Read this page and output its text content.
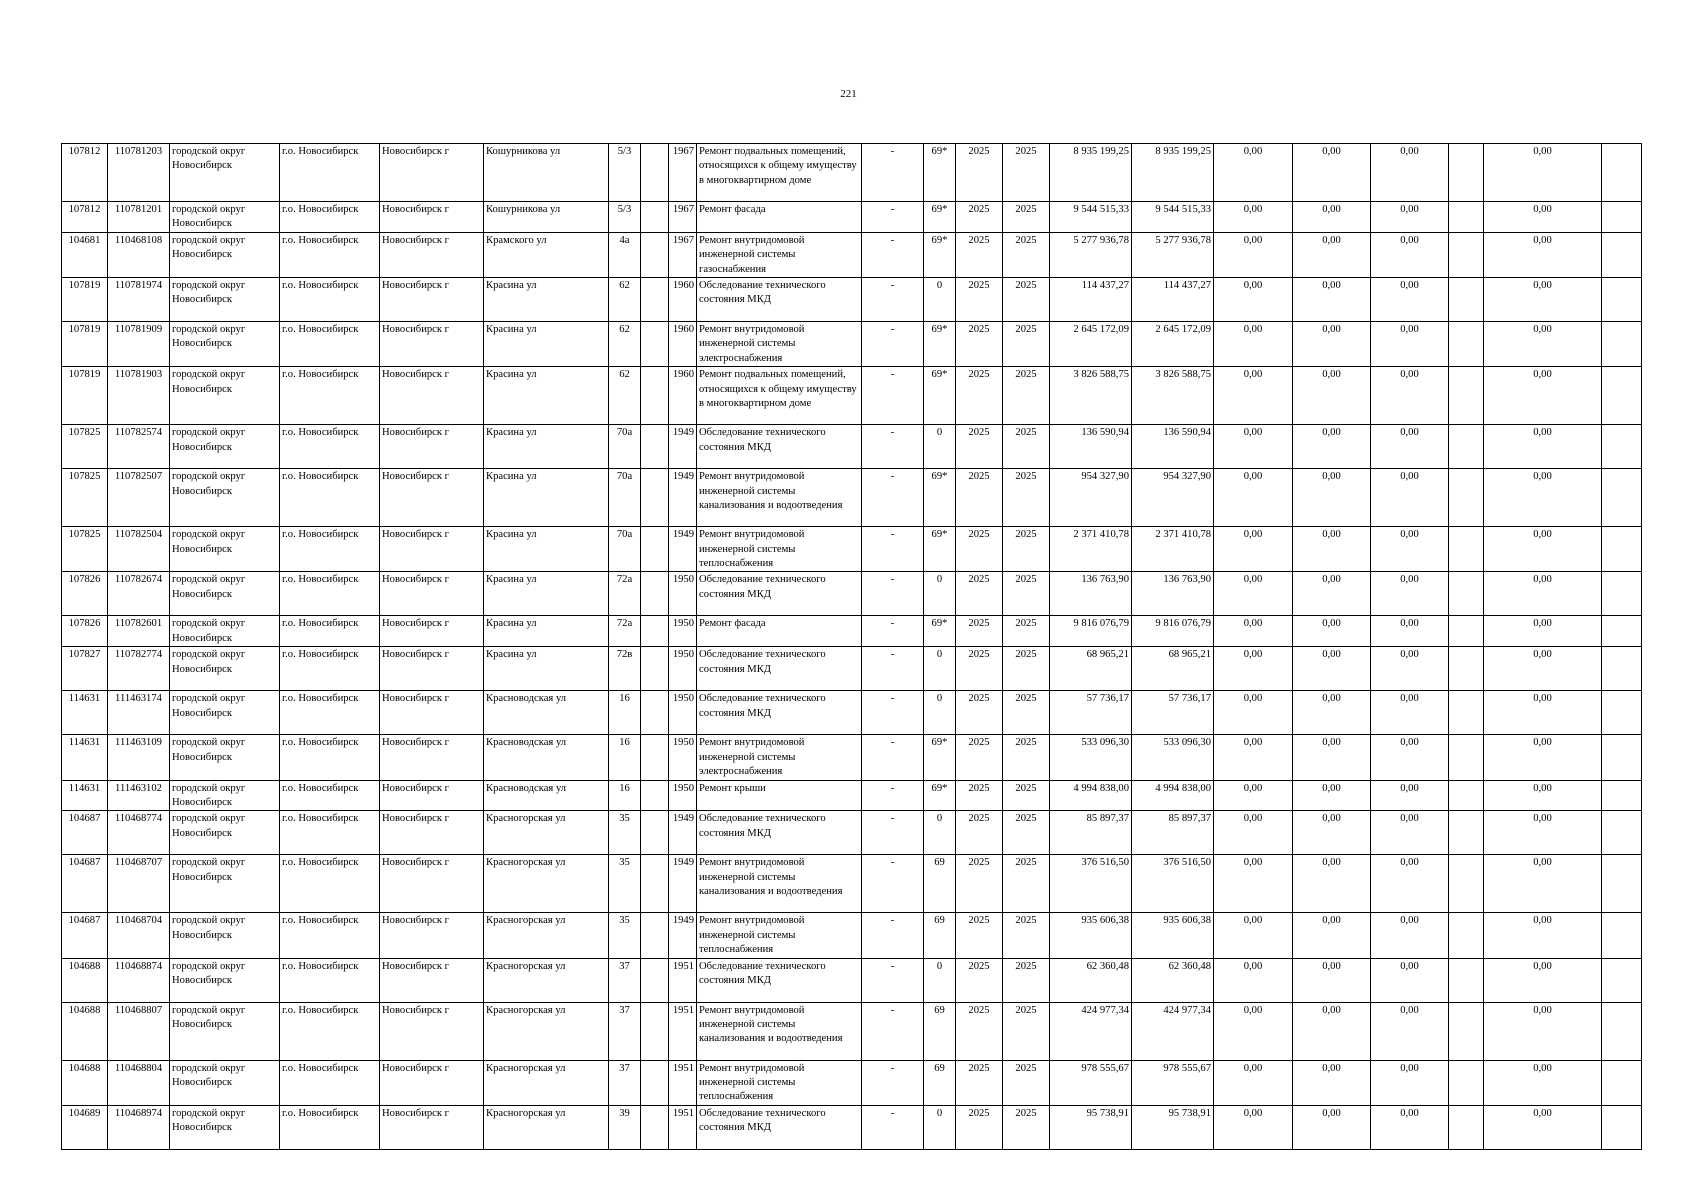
221
107812	110781203	городской округ Новосибирск	г.о. Новосибирск	Новосибирск г	Кошурникова ул	5/3		1967	Ремонт подвальных помещений, относящихся к общему имуществу в многоквартирном доме	-	69*	2025	2025	8 935 199,25	8 935 199,25	0,00	0,00	0,00		0,00	
107812	110781201	городской округ Новосибирск	г.о. Новосибирск	Новосибирск г	Кошурникова ул	5/3		1967	Ремонт фасада	-	69*	2025	2025	9 544 515,33	9 544 515,33	0,00	0,00	0,00		0,00	
104681	110468108	городской округ Новосибирск	г.о. Новосибирск	Новосибирск г	Крамского ул	4а		1967	Ремонт внутридомовой инженерной системы газоснабжения	-	69*	2025	2025	5 277 936,78	5 277 936,78	0,00	0,00	0,00		0,00	
107819	110781974	городской округ Новосибирск	г.о. Новосибирск	Новосибирск г	Красина ул	62		1960	Обследование технического состояния МКД	-	0	2025	2025	114 437,27	114 437,27	0,00	0,00	0,00		0,00	
107819	110781909	городской округ Новосибирск	г.о. Новосибирск	Новосибирск г	Красина ул	62		1960	Ремонт внутридомовой инженерной системы электроснабжения	-	69*	2025	2025	2 645 172,09	2 645 172,09	0,00	0,00	0,00		0,00	
107819	110781903	городской округ Новосибирск	г.о. Новосибирск	Новосибирск г	Красина ул	62		1960	Ремонт подвальных помещений, относящихся к общему имуществу в многоквартирном доме	-	69*	2025	2025	3 826 588,75	3 826 588,75	0,00	0,00	0,00		0,00	
107825	110782574	городской округ Новосибирск	г.о. Новосибирск	Новосибирск г	Красина ул	70а		1949	Обследование технического состояния МКД	-	0	2025	2025	136 590,94	136 590,94	0,00	0,00	0,00		0,00	
107825	110782507	городской округ Новосибирск	г.о. Новосибирск	Новосибирск г	Красина ул	70а		1949	Ремонт внутридомовой инженерной системы канализования и водоотведения	-	69*	2025	2025	954 327,90	954 327,90	0,00	0,00	0,00		0,00	
107825	110782504	городской округ Новосибирск	г.о. Новосибирск	Новосибирск г	Красина ул	70а		1949	Ремонт внутридомовой инженерной системы теплоснабжения	-	69*	2025	2025	2 371 410,78	2 371 410,78	0,00	0,00	0,00		0,00	
107826	110782674	городской округ Новосибирск	г.о. Новосибирск	Новосибирск г	Красина ул	72а		1950	Обследование технического состояния МКД	-	0	2025	2025	136 763,90	136 763,90	0,00	0,00	0,00		0,00	
107826	110782601	городской округ Новосибирск	г.о. Новосибирск	Новосибирск г	Красина ул	72а		1950	Ремонт фасада	-	69*	2025	2025	9 816 076,79	9 816 076,79	0,00	0,00	0,00		0,00	
107827	110782774	городской округ Новосибирск	г.о. Новосибирск	Новосибирск г	Красина ул	72в		1950	Обследование технического состояния МКД	-	0	2025	2025	68 965,21	68 965,21	0,00	0,00	0,00		0,00	
114631	111463174	городской округ Новосибирск	г.о. Новосибирск	Новосибирск г	Красноводская ул	16		1950	Обследование технического состояния МКД	-	0	2025	2025	57 736,17	57 736,17	0,00	0,00	0,00		0,00	
114631	111463109	городской округ Новосибирск	г.о. Новосибирск	Новосибирск г	Красноводская ул	16		1950	Ремонт внутридомовой инженерной системы электроснабжения	-	69*	2025	2025	533 096,30	533 096,30	0,00	0,00	0,00		0,00	
114631	111463102	городской округ Новосибирск	г.о. Новосибирск	Новосибирск г	Красноводская ул	16		1950	Ремонт крыши	-	69*	2025	2025	4 994 838,00	4 994 838,00	0,00	0,00	0,00		0,00	
104687	110468774	городской округ Новосибирск	г.о. Новосибирск	Новосибирск г	Красногорская ул	35		1949	Обследование технического состояния МКД	-	0	2025	2025	85 897,37	85 897,37	0,00	0,00	0,00		0,00	
104687	110468707	городской округ Новосибирск	г.о. Новосибирск	Новосибирск г	Красногорская ул	35		1949	Ремонт внутридомовой инженерной системы канализования и водоотведения	-	69	2025	2025	376 516,50	376 516,50	0,00	0,00	0,00		0,00	
104687	110468704	городской округ Новосибирск	г.о. Новосибирск	Новосибирск г	Красногорская ул	35		1949	Ремонт внутридомовой инженерной системы теплоснабжения	-	69	2025	2025	935 606,38	935 606,38	0,00	0,00	0,00		0,00	
104688	110468874	городской округ Новосибирск	г.о. Новосибирск	Новосибирск г	Красногорская ул	37		1951	Обследование технического состояния МКД	-	0	2025	2025	62 360,48	62 360,48	0,00	0,00	0,00		0,00	
104688	110468807	городской округ Новосибирск	г.о. Новосибирск	Новосибирск г	Красногорская ул	37		1951	Ремонт внутридомовой инженерной системы канализования и водоотведения	-	69	2025	2025	424 977,34	424 977,34	0,00	0,00	0,00		0,00	
104688	110468804	городской округ Новосибирск	г.о. Новосибирск	Новосибирск г	Красногорская ул	37		1951	Ремонт внутридомовой инженерной системы теплоснабжения	-	69	2025	2025	978 555,67	978 555,67	0,00	0,00	0,00		0,00	
104689	110468974	городской округ Новосибирск	г.о. Новосибирск	Новосибирск г	Красногорская ул	39		1951	Обследование технического состояния МКД	-	0	2025	2025	95 738,91	95 738,91	0,00	0,00	0,00		0,00	
